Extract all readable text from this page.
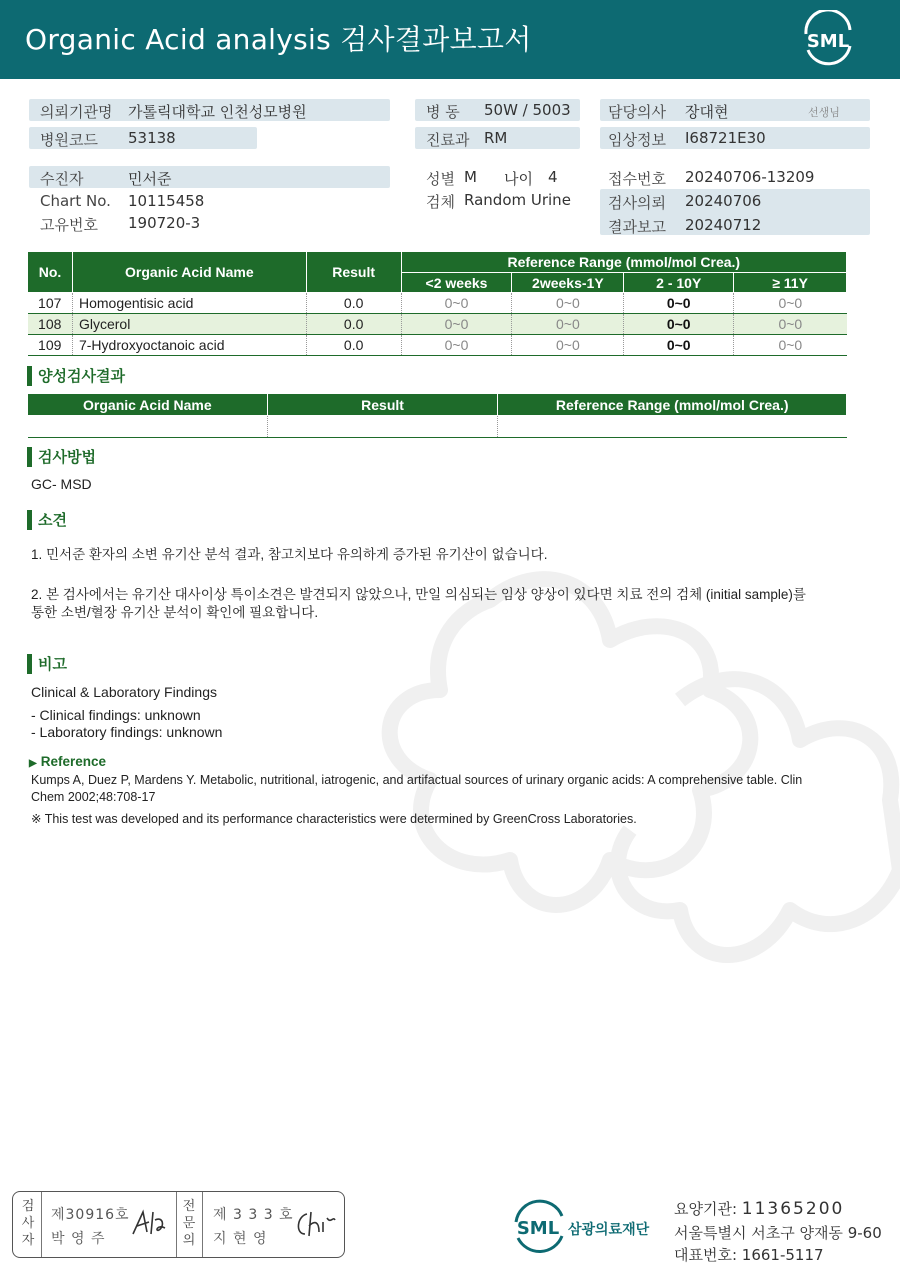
Organic Acid analysis 검사결과보고서	SML
의뢰기관명 가톨릭대학교 인천성모병원
병원코드 53138
병 동 50W / 5003
진료과 RM
담당의사 장대현	선생님
임상정보 I68721E30
수진자	민서준
Chart No. 10115458
고유번호 190720-3
성별 M 나이 4
검체 Random Urine
접수번호 20240706-13209
검사의뢰 20240706
결과보고 20240712
No.	Organic Acid Name	Result	Reference Range (mmol/mol Crea.)			
			<2 weeks	2weeks-1Y	2 - 10Y	≥ 11Y
107	Homogentisic acid	0.0	0~0	0~0	0~0	0~0
108	Glycerol	0.0	0~0	0~0	0~0	0~0
109	7-Hydroxyoctanoic acid	0.0	0~0	0~0	0~0	0~0
양성검사결과
Organic Acid Name	Result	Reference Range (mmol/mol Crea.)

검사방법
GC- MSD
소견
1. 민서준 환자의 소변 유기산 분석 결과, 참고치보다 유의하게 증가된 유기산이 없습니다.
2. 본 검사에서는 유기산 대사이상 특이소견은 발견되지 않았으나, 만일 의심되는 임상 양상이 있다면 치료 전의 검체 (initial sample)를
통한 소변/혈장 유기산 분석이 확인에 필요합니다.
비고
Clinical & Laboratory Findings
- Clinical findings: unknown
- Laboratory findings: unknown
▶ Reference
Kumps A, Duez P, Mardens Y. Metabolic, nutritional, iatrogenic, and artifactual sources of urinary organic acids: A comprehensive table. Clin Chem 2002;48:708-17
※ This test was developed and its performance characteristics were determined by GreenCross Laboratories.
검사자
제30916호
박 영 주
전문의
제 3 3 3 호
지 현 영	SML 삼광의료재단
요양기관: 11365200
서울특별시 서초구 양재동 9-60
대표번호: 1661-5117
